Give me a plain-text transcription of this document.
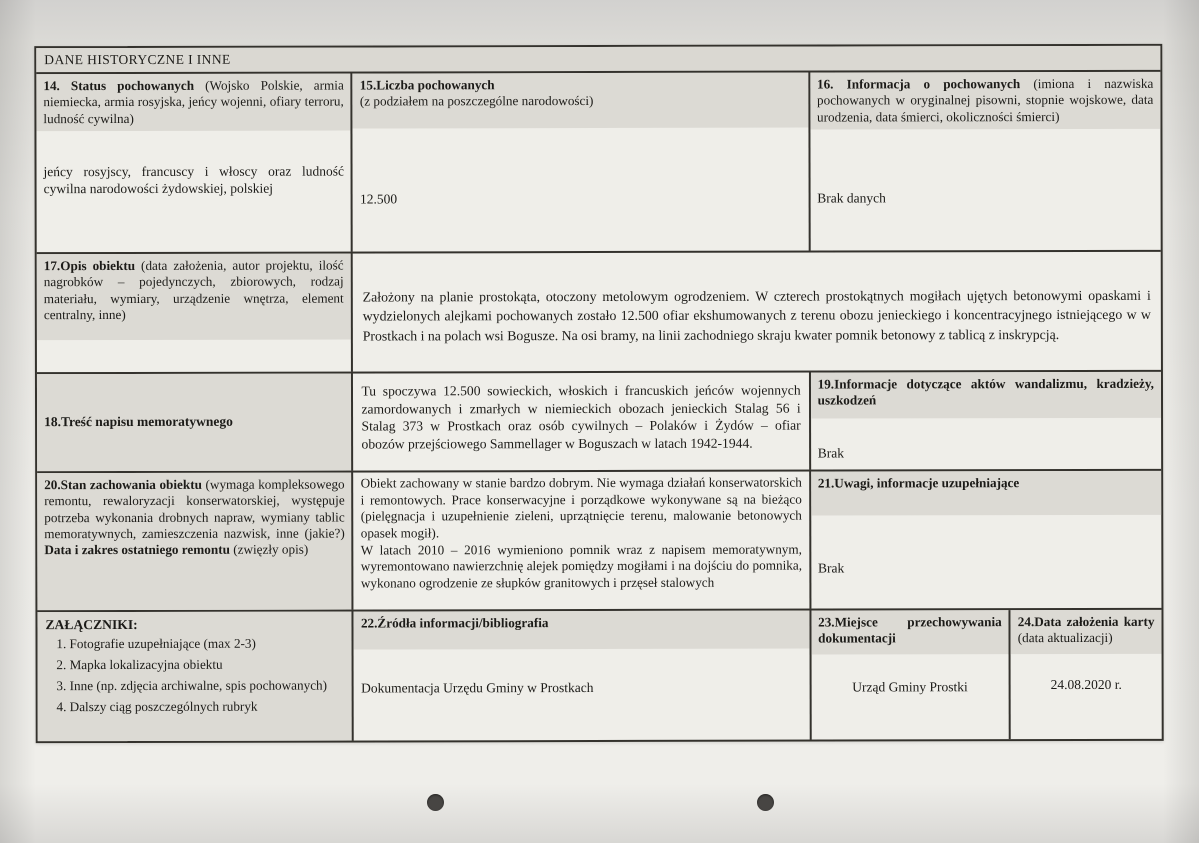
DANE HISTORYCZNE I INNE
14. Status pochowanych (Wojsko Polskie, armia niemiecka, armia rosyjska, jeńcy wojenni, ofiary terroru, ludność cywilna)
jeńcy rosyjscy, francuscy i włoscy oraz ludność cywilna narodowości żydowskiej, polskiej
15.Liczba pochowanych
(z podziałem na poszczególne narodowości)
12.500
16. Informacja o pochowanych (imiona i nazwiska pochowanych w oryginalnej pisowni, stopnie wojskowe, data urodzenia, data śmierci, okoliczności śmierci)
Brak danych
17.Opis obiektu (data założenia, autor projektu, ilość nagrobków – pojedynczych, zbiorowych, rodzaj materiału, wymiary, urządzenie wnętrza, element centralny, inne)
Założony na planie prostokąta, otoczony metolowym ogrodzeniem. W czterech prostokątnych mogiłach ujętych betonowymi opaskami i wydzielonych alejkami pochowanych zostało 12.500 ofiar ekshumowanych z terenu obozu jenieckiego i koncentracyjnego istniejącego w w Prostkach i na polach wsi Bogusze. Na osi bramy, na linii zachodniego skraju kwater pomnik betonowy z tablicą z inskrypcją.
18.Treść napisu memoratywnego
Tu spoczywa 12.500 sowieckich, włoskich i francuskich jeńców wojennych zamordowanych i zmarłych w niemieckich obozach jenieckich Stalag 56 i Stalag 373 w Prostkach oraz osób cywilnych – Polaków i Żydów – ofiar obozów przejściowego Sammellager w Boguszach w latach 1942-1944.
19.Informacje dotyczące aktów wandalizmu, kradzieży, uszkodzeń
Brak
20.Stan zachowania obiektu (wymaga kompleksowego remontu, rewaloryzacji konserwatorskiej, występuje potrzeba wykonania drobnych napraw, wymiany tablic memoratywnych, zamieszczenia nazwisk, inne (jakie?) Data i zakres ostatniego remontu (zwięzły opis)
Obiekt zachowany w stanie bardzo dobrym. Nie wymaga działań konserwatorskich i remontowych. Prace konserwacyjne i porządkowe wykonywane są na bieżąco (pielęgnacja i uzupełnienie zieleni, uprzątnięcie terenu, malowanie betonowych opasek mogił).
W latach 2010 – 2016 wymieniono pomnik wraz z napisem memoratywnym, wyremontowano nawierzchnię alejek pomiędzy mogiłami i na dojściu do pomnika, wykonano ogrodzenie ze słupków granitowych i przęseł stalowych
21.Uwagi, informacje uzupełniające
Brak
ZAŁĄCZNIKI:
1. Fotografie uzupełniające (max 2-3)
2. Mapka lokalizacyjna obiektu
3. Inne (np. zdjęcia archiwalne, spis pochowanych)
4. Dalszy ciąg poszczególnych rubryk
22.Źródła informacji/bibliografia
Dokumentacja Urzędu Gminy w Prostkach
23.Miejsce przechowywania dokumentacji
Urząd Gminy Prostki
24.Data założenia karty (data aktualizacji)
24.08.2020 r.
